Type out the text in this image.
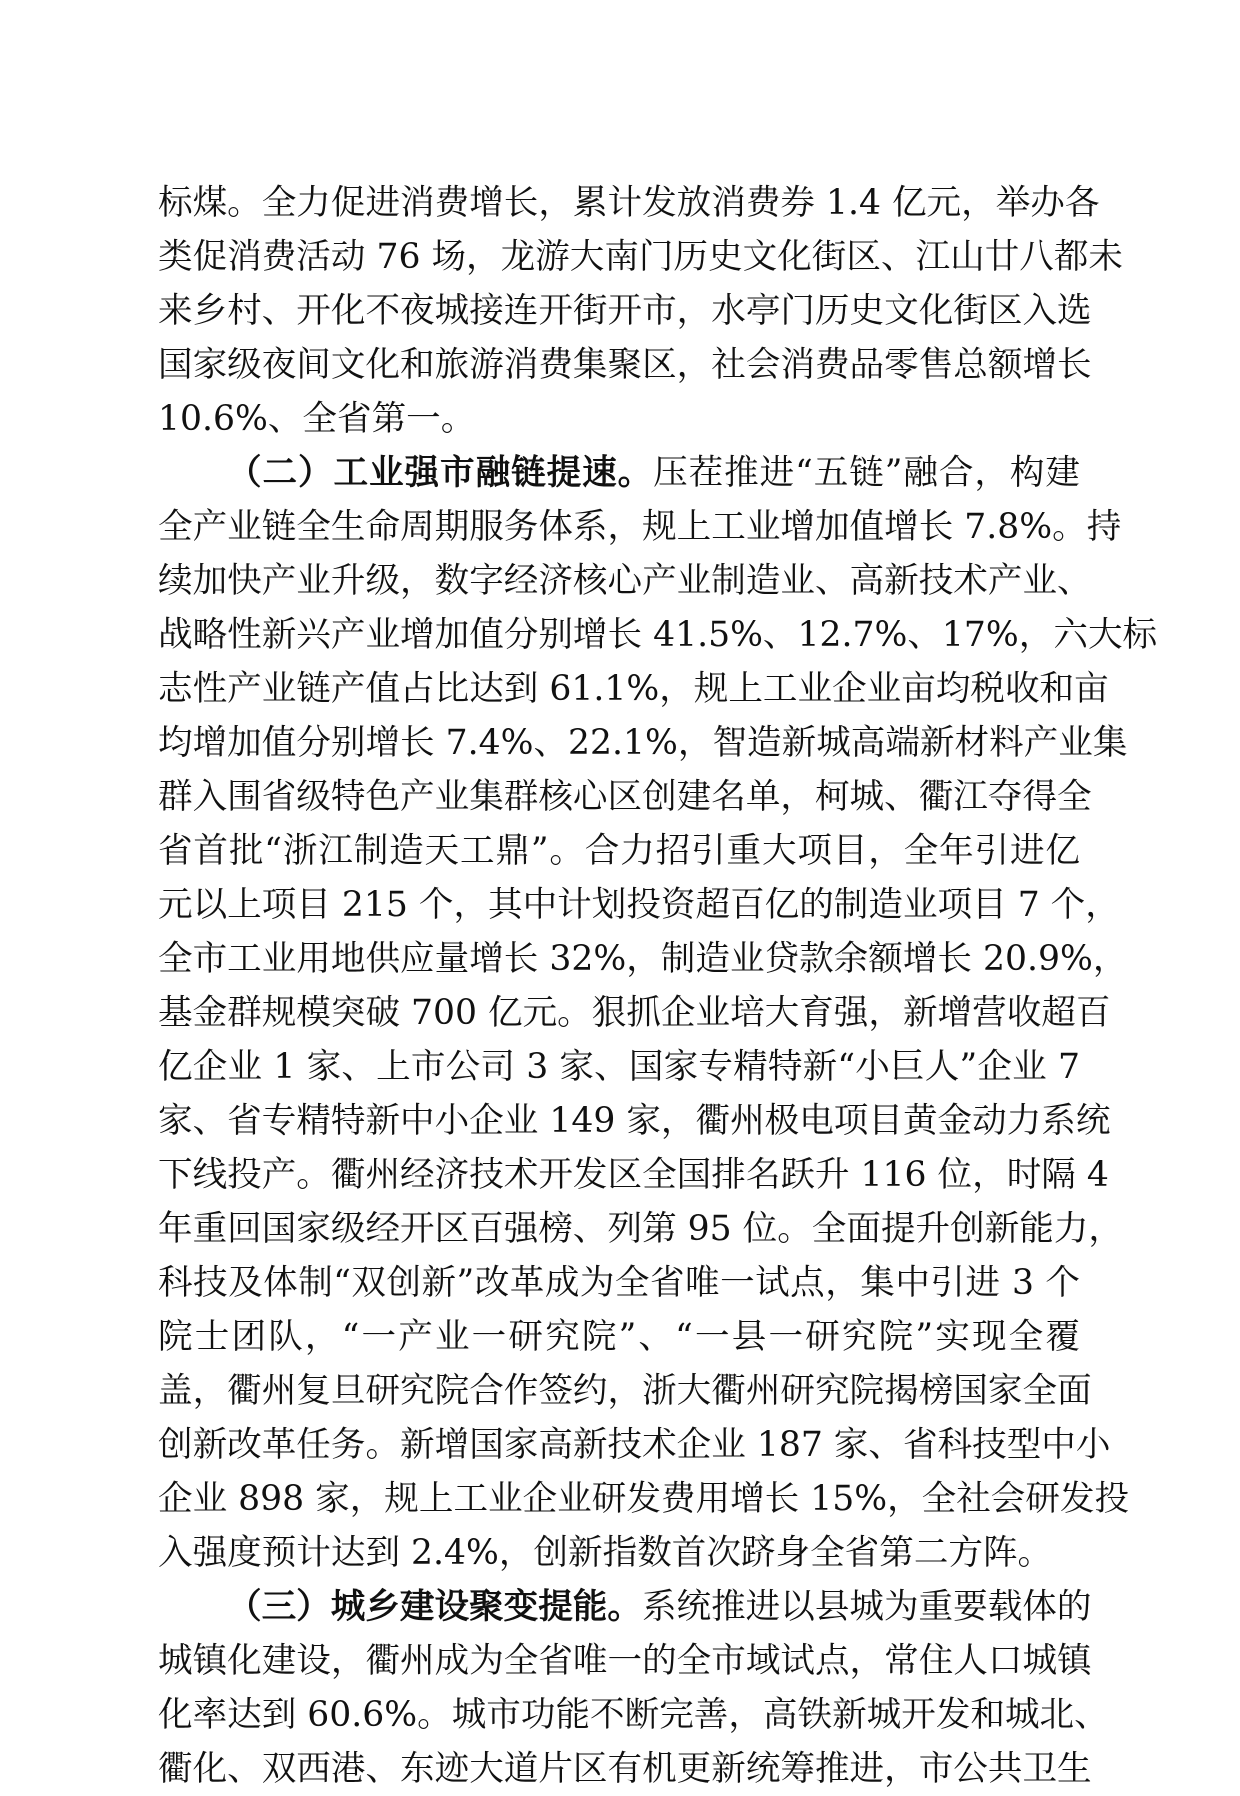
标煤。全力促进消费增长，累计发放消费券 1.4 亿元，举办各
类促消费活动 76 场，龙游大南门历史文化街区、江山廿八都未
来乡村、开化不夜城接连开街开市，水亭门历史文化街区入选
国家级夜间文化和旅游消费集聚区，社会消费品零售总额增长
10.6%、全省第一。
（二）工业强市融链提速。压茬推进“五链”融合，构建
全产业链全生命周期服务体系，规上工业增加值增长 7.8%。持
续加快产业升级，数字经济核心产业制造业、高新技术产业、
战略性新兴产业增加值分别增长 41.5%、12.7%、17%，六大标
志性产业链产值占比达到 61.1%，规上工业企业亩均税收和亩
均增加值分别增长 7.4%、22.1%，智造新城高端新材料产业集
群入围省级特色产业集群核心区创建名单，柯城、衢江夺得全
省首批“浙江制造天工鼎”。合力招引重大项目，全年引进亿
元以上项目 215 个，其中计划投资超百亿的制造业项目 7 个，
全市工业用地供应量增长 32%，制造业贷款余额增长 20.9%，
基金群规模突破 700 亿元。狠抓企业培大育强，新增营收超百
亿企业 1 家、上市公司 3 家、国家专精特新“小巨人”企业 7
家、省专精特新中小企业 149 家，衢州极电项目黄金动力系统
下线投产。衢州经济技术开发区全国排名跃升 116 位，时隔 4
年重回国家级经开区百强榜、列第 95 位。全面提升创新能力，
科技及体制“双创新”改革成为全省唯一试点，集中引进 3 个
院士团队，“一产业一研究院”、“一县一研究院”实现全覆
盖，衢州复旦研究院合作签约，浙大衢州研究院揭榜国家全面
创新改革任务。新增国家高新技术企业 187 家、省科技型中小
企业 898 家，规上工业企业研发费用增长 15%，全社会研发投
入强度预计达到 2.4%，创新指数首次跻身全省第二方阵。
（三）城乡建设聚变提能。系统推进以县城为重要载体的
城镇化建设，衢州成为全省唯一的全市域试点，常住人口城镇
化率达到 60.6%。城市功能不断完善，高铁新城开发和城北、
衢化、双西港、东迹大道片区有机更新统筹推进，市公共卫生
